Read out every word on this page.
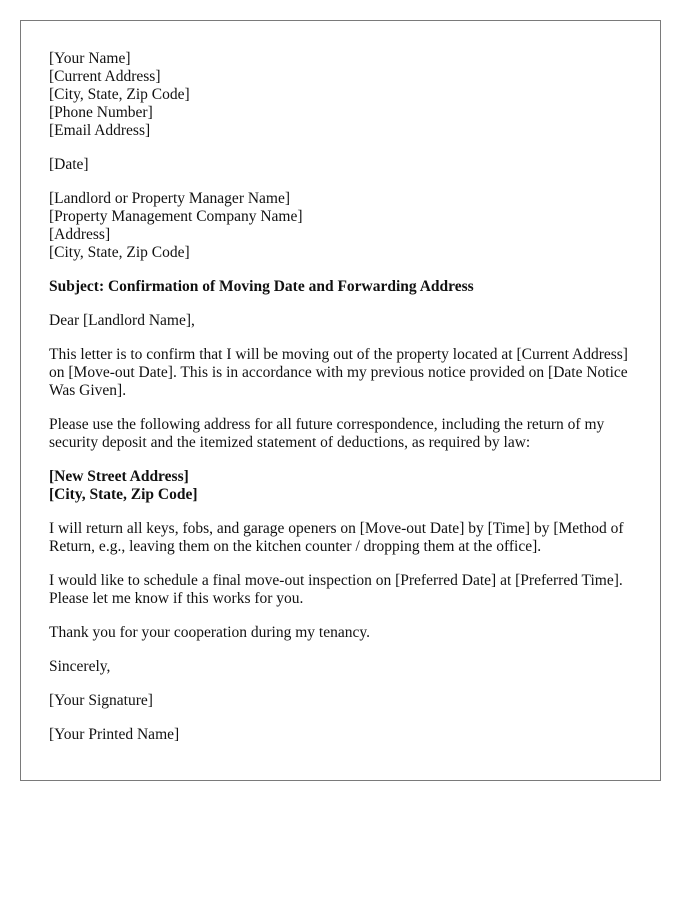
[Your Name]
[Current Address]
[City, State, Zip Code]
[Phone Number]
[Email Address]
[Date]
[Landlord or Property Manager Name]
[Property Management Company Name]
[Address]
[City, State, Zip Code]
Subject: Confirmation of Moving Date and Forwarding Address
Dear [Landlord Name],

This letter is to confirm that I will be moving out of the property located at [Current Address] on [Move-out Date]. This is in accordance with my previous notice provided on [Date Notice Was Given].

Please use the following address for all future correspondence, including the return of my security deposit and the itemized statement of deductions, as required by law:

[New Street Address]
[City, State, Zip Code]

I will return all keys, fobs, and garage openers on [Move-out Date] by [Time] by [Method of Return, e.g., leaving them on the kitchen counter / dropping them at the office].

I would like to schedule a final move-out inspection on [Preferred Date] at [Preferred Time]. Please let me know if this works for you.

Thank you for your cooperation during my tenancy.

Sincerely,
[Your Signature]
[Your Printed Name]
